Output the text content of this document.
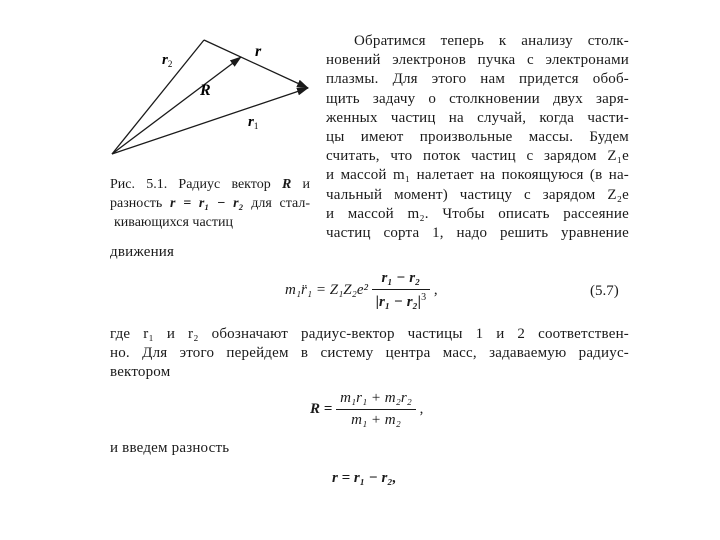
$r_2$
r
R
$r_1$
Рис. 5.1. Радиус вектор R и
разность r = r₁ − r₂ для стал-
кивающихся частиц
Обратимся теперь к анализу столк-
новений электронов пучка с электронами
плазмы. Для этого нам придется обоб-
щить задачу о столкновении двух заря-
женных частиц на случай, когда части-
цы имеют произвольные массы. Будем
считать, что поток частиц с зарядом Z₁e
и массой m₁ налетает на покоящуюся (в на-
чальный момент) частицу с зарядом Z₂e
и массой m₂. Чтобы описать рассеяние
частиц сорта 1, надо решить уравнение
движения
m₁r̈₁ = $Z_1Z_2e^2 \frac{\text{r₁ − r₂}}{|r_1 - r_2|^3}$ ,	(5.7)
где r₁ и r₂ обозначают радиус-вектор частицы 1 и 2 соответствен-
но. Для этого перейдем в систему центра масс, задаваемую радиус-
вектором
$R = \frac{\text{m₁r₁ + m₂r₂}}{\text{m₁ + m₂}}$ ,
и введем разность
r = r₁ − r₂,
